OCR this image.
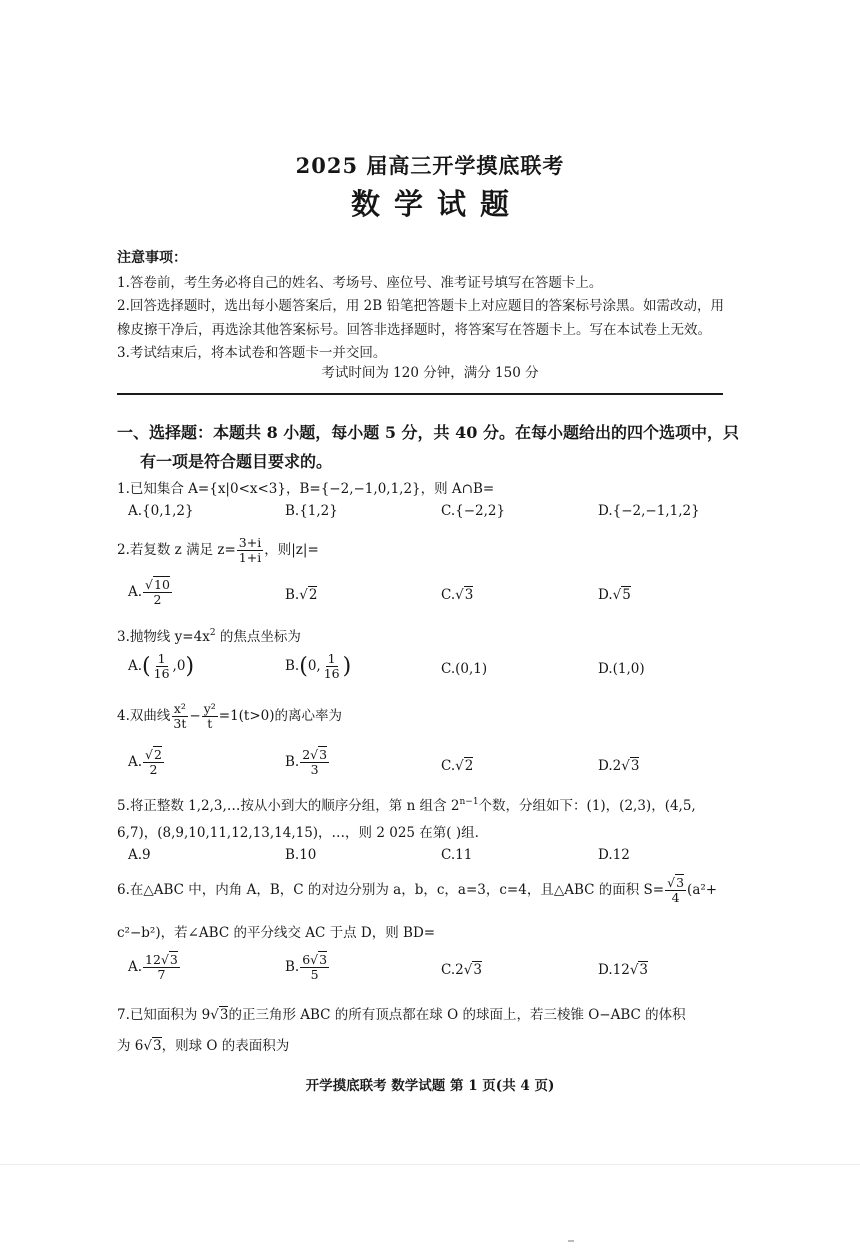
2025 届高三开学摸底联考
数学试题
注意事项：
1.答卷前，考生务必将自己的姓名、考场号、座位号、准考证号填写在答题卡上。
2.回答选择题时，选出每小题答案后，用 2B 铅笔把答题卡上对应题目的答案标号涂黑。如需改动，用
橡皮擦干净后，再选涂其他答案标号。回答非选择题时，将答案写在答题卡上。写在本试卷上无效。
3.考试结束后，将本试卷和答题卡一并交回。
考试时间为 120 分钟，满分 150 分
一、选择题：本题共 8 小题，每小题 5 分，共 40 分。在每小题给出的四个选项中，只
有一项是符合题目要求的。
1.已知集合 A={x|0<x<3}，B={−2,−1,0,1,2}，则 A∩B=
A.{0,1,2}	B.{1,2}	C.{−2,2}	D.{−2,−1,1,2}
2.若复数 z 满足 $z= \frac{3+i}{1+i}$ ，则|z|=
A. $\frac{√10}{2}$	B.√2	C.√3	D.√5
3.抛物线 $y=4x^2$ 的焦点坐标为
$A.( \frac{1}{16} ,0)$	B.(0, $\frac{1}{16}$ )	C.(0,1)	D.(1,0)
4.双曲线 $\frac{\text{x²}}{3t} - \frac{\text{y²}}{t} =1(t>0)$的离心率为
A. $\frac{√2}{2}$	B. $\frac{2√3}{3}$	C.√2	D.2√3
5.将正整数 1,2,3,…按从小到大的顺序分组，第 n 组含 $2^{n-1}$个数，分组如下：(1)，(2,3)，(4,5,
6,7)，(8,9,10,11,12,13,14,15)，…，则 2 025 在第( )组.
A.9	B.10	C.11	D.12
6.在△ABC 中，内角 A，B，C 的对边分别为 a，b，c，a=3，c=4，且△ABC 的面积 $S= \frac{√3}{4} (a^2+$
c²−b²)，若∠ABC 的平分线交 AC 于点 D，则 BD=
A. $\frac{12√3}{7}$	B. $\frac{6√3}{5}$	C.2√3	D.12√3
7.已知面积为 9√3的正三角形 ABC 的所有顶点都在球 O 的球面上，若三棱锥 O−ABC 的体积
为 6√3，则球 O 的表面积为
开学摸底联考 数学试题 第 1 页(共 4 页)
